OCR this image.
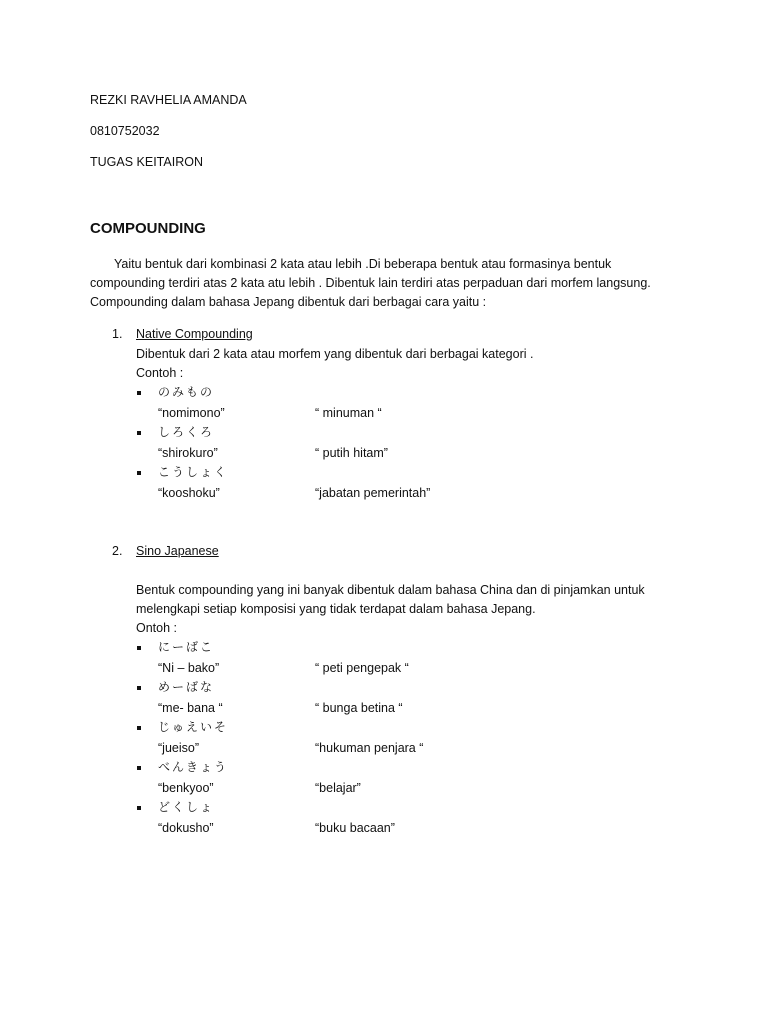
REZKI RAVHELIA AMANDA
0810752032
TUGAS KEITAIRON
COMPOUNDING
Yaitu bentuk dari kombinasi 2 kata atau lebih .Di beberapa bentuk atau formasinya bentuk
compounding terdiri atas 2 kata atu lebih . Dibentuk lain terdiri atas perpaduan dari morfem langsung.
Compounding dalam bahasa Jepang dibentuk dari berbagai cara yaitu :
1. Native Compounding
Dibentuk dari 2 kata atau morfem yang dibentuk dari berbagai kategori .
Contoh :
のみもの
“nomimono”	“ minuman “
しろくろ
“shirokuro”	“ putih hitam”
こうしょく
“kooshoku”	“jabatan pemerintah”
2. Sino Japanese
Bentuk compounding yang ini banyak dibentuk dalam bahasa China dan di pinjamkan untuk
melengkapi setiap komposisi yang tidak terdapat dalam bahasa Jepang.
Ontoh :
にーばこ
“Ni – bako”	“ peti pengepak “
めーばな
“me- bana “	“ bunga betina “
じゅえいそ
“jueiso”	“hukuman penjara “
べんきょう
“benkyoo”	“belajar”
どくしょ
“dokusho”	“buku bacaan”
